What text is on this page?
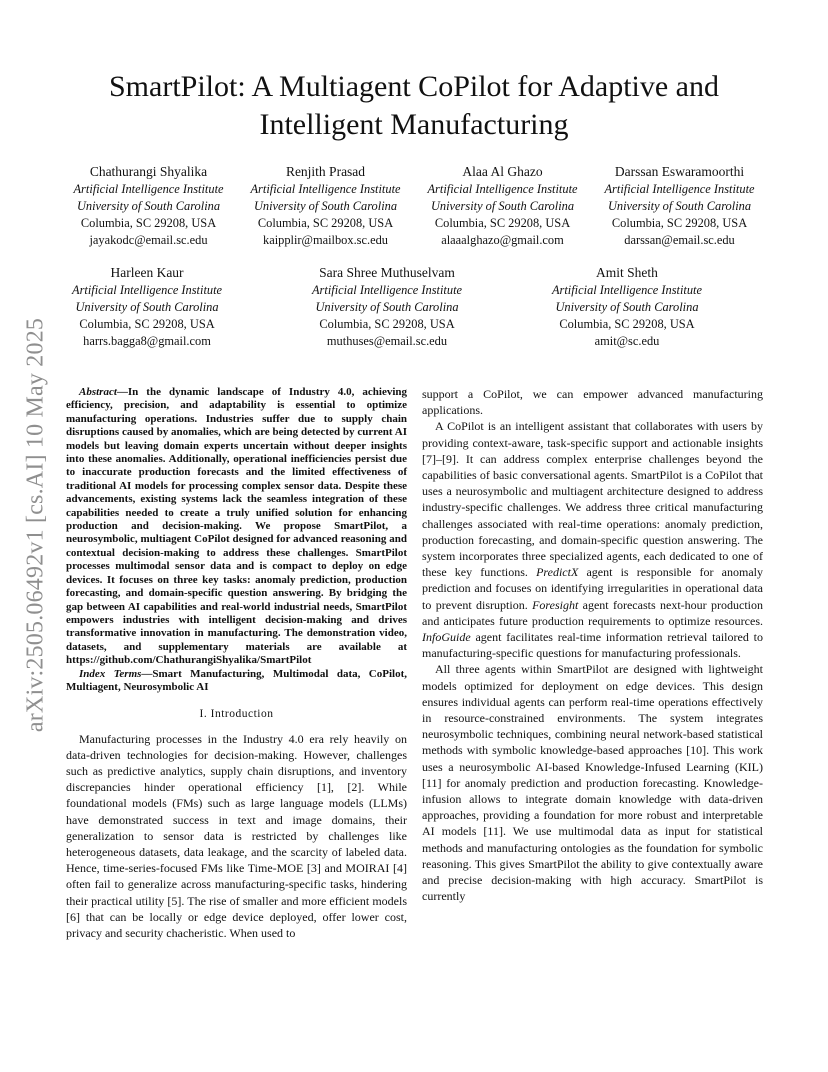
arXiv:2505.06492v1 [cs.AI] 10 May 2025
SmartPilot: A Multiagent CoPilot for Adaptive and Intelligent Manufacturing
Chathurangi Shyalika
Artificial Intelligence Institute
University of South Carolina
Columbia, SC 29208, USA
jayakodc@email.sc.edu
Renjith Prasad
Artificial Intelligence Institute
University of South Carolina
Columbia, SC 29208, USA
kaipplir@mailbox.sc.edu
Alaa Al Ghazo
Artificial Intelligence Institute
University of South Carolina
Columbia, SC 29208, USA
alaaalghazo@gmail.com
Darssan Eswaramoorthi
Artificial Intelligence Institute
University of South Carolina
Columbia, SC 29208, USA
darssan@email.sc.edu
Harleen Kaur
Artificial Intelligence Institute
University of South Carolina
Columbia, SC 29208, USA
harrs.bagga8@gmail.com
Sara Shree Muthuselvam
Artificial Intelligence Institute
University of South Carolina
Columbia, SC 29208, USA
muthuses@email.sc.edu
Amit Sheth
Artificial Intelligence Institute
University of South Carolina
Columbia, SC 29208, USA
amit@sc.edu

Abstract—In the dynamic landscape of Industry 4.0, achieving efficiency, precision, and adaptability is essential to optimize manufacturing operations. Industries suffer due to supply chain disruptions caused by anomalies, which are being detected by current AI models but leaving domain experts uncertain without deeper insights into these anomalies. Additionally, operational inefficiencies persist due to inaccurate production forecasts and the limited effectiveness of traditional AI models for processing complex sensor data. Despite these advancements, existing systems lack the seamless integration of these capabilities needed to create a truly unified solution for enhancing production and decision-making. We propose SmartPilot, a neurosymbolic, multiagent CoPilot designed for advanced reasoning and contextual decision-making to address these challenges. SmartPilot processes multimodal sensor data and is compact to deploy on edge devices. It focuses on three key tasks: anomaly prediction, production forecasting, and domain-specific question answering. By bridging the gap between AI capabilities and real-world industrial needs, SmartPilot empowers industries with intelligent decision-making and drives transformative innovation in manufacturing. The demonstration video, datasets, and supplementary materials are available at https://github.com/ChathurangiShyalika/SmartPilot

Index Terms—Smart Manufacturing, Multimodal data, CoPilot, Multiagent, Neurosymbolic AI

I. Introduction

Manufacturing processes in the Industry 4.0 era rely heavily on data-driven technologies for decision-making. However, challenges such as predictive analytics, supply chain disruptions, and inventory discrepancies hinder operational efficiency [1], [2]. While foundational models (FMs) such as large language models (LLMs) have demonstrated success in text and image domains, their generalization to sensor data is restricted by challenges like heterogeneous datasets, data leakage, and the scarcity of labeled data. Hence, time-series-focused FMs like Time-MOE [3] and MOIRAI [4] often fail to generalize across manufacturing-specific tasks, hindering their practical utility [5]. The rise of smaller and more efficient models [6] that can be locally or edge device deployed, offer lower cost, privacy and security chacheristic. When used to

support a CoPilot, we can empower advanced manufacturing applications.

A CoPilot is an intelligent assistant that collaborates with users by providing context-aware, task-specific support and actionable insights [7]–[9]. It can address complex enterprise challenges beyond the capabilities of basic conversational agents. SmartPilot is a CoPilot that uses a neurosymbolic and multiagent architecture designed to address industry-specific challenges. We address three critical manufacturing challenges associated with real-time operations: anomaly prediction, production forecasting, and domain-specific question answering. The system incorporates three specialized agents, each dedicated to one of these key functions. PredictX agent is responsible for anomaly prediction and focuses on identifying irregularities in operational data to prevent disruption. Foresight agent forecasts next-hour production and anticipates future production requirements to optimize resources. InfoGuide agent facilitates real-time information retrieval tailored to manufacturing-specific questions for manufacturing professionals.

All three agents within SmartPilot are designed with lightweight models optimized for deployment on edge devices. This design ensures individual agents can perform real-time operations effectively in resource-constrained environments. The system integrates neurosymbolic techniques, combining neural network-based statistical methods with symbolic knowledge-based approaches [10]. This work uses a neurosymbolic AI-based Knowledge-Infused Learning (KIL) [11] for anomaly prediction and production forecasting. Knowledge-infusion allows to integrate domain knowledge with data-driven approaches, providing a foundation for more robust and interpretable AI models [11]. We use multimodal data as input for statistical methods and manufacturing ontologies as the foundation for symbolic reasoning. This gives SmartPilot the ability to give contextually aware and precise decision-making with high accuracy. SmartPilot is currently
